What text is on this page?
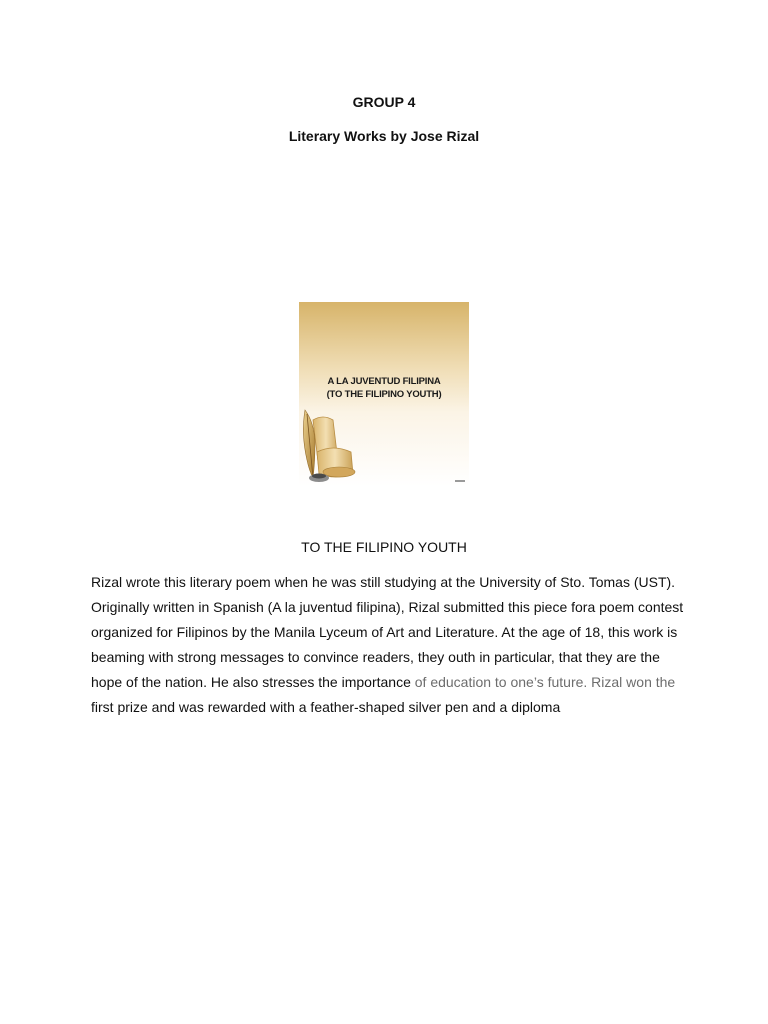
GROUP 4
Literary Works by Jose Rizal
A LA JUVENTUD FILIPINA
(TO THE FILIPINO YOUTH)
TO THE FILIPINO YOUTH
Rizal wrote this literary poem when he was still studying at the University of Sto. Tomas (UST).
Originally written in Spanish (A la juventud filipina), Rizal submitted this piece fora poem contest
organized for Filipinos by the Manila Lyceum of Art and Literature. At the age of 18, this work is
beaming with strong messages to convince readers, they outh in particular, that they are the
hope of the nation. He also stresses the importance of education to one’s future. Rizal won the
first prize and was rewarded with a feather-shaped silver pen and a diploma
